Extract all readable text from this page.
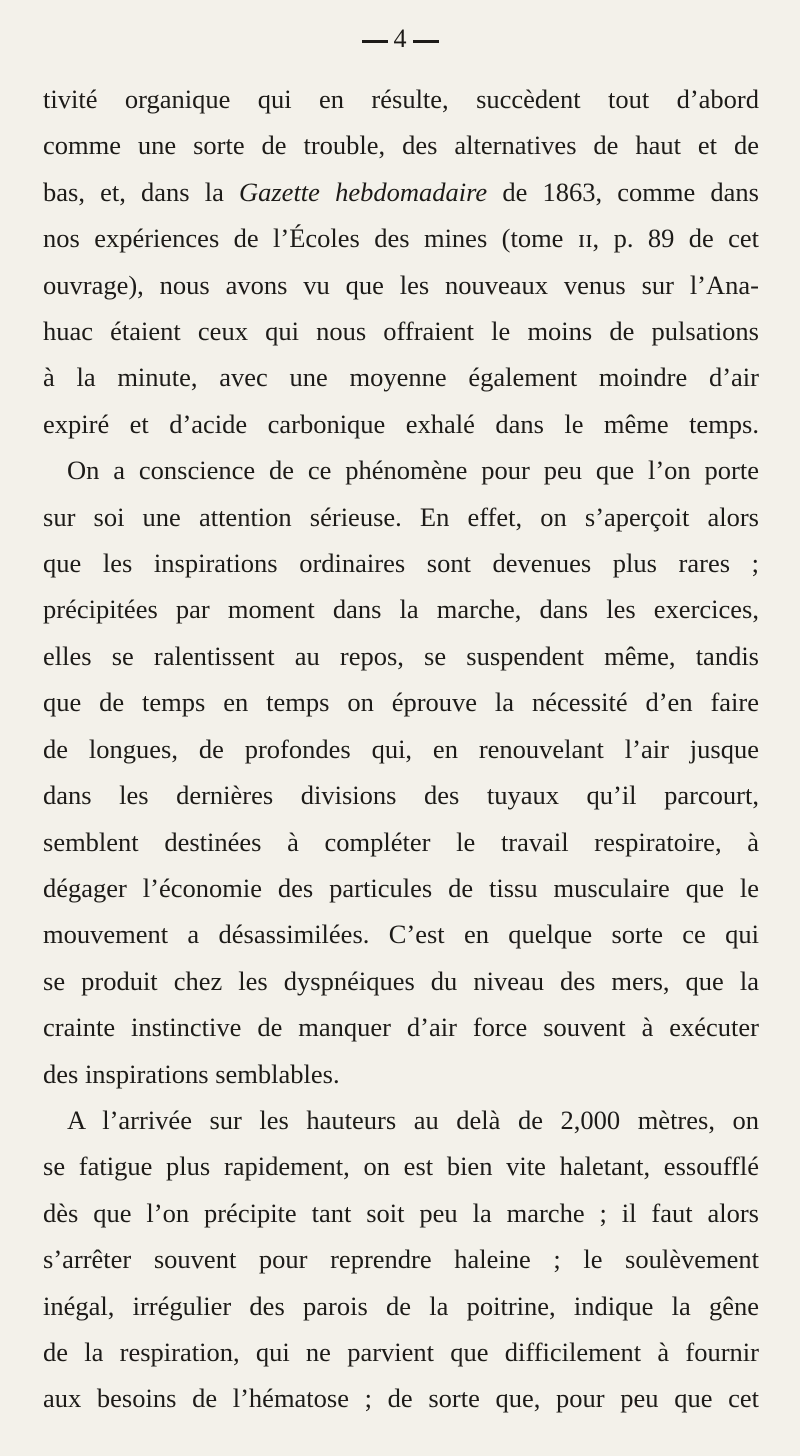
4
tivité organique qui en résulte, succèdent tout d’abord
comme une sorte de trouble, des alternatives de haut et de
bas, et, dans la Gazette hebdomadaire de 1863, comme dans
nos expériences de l’Écoles des mines (tome ɪɪ, p. 89 de cet
ouvrage), nous avons vu que les nouveaux venus sur l’Ana-
huac étaient ceux qui nous offraient le moins de pulsations
à la minute, avec une moyenne également moindre d’air
expiré et d’acide carbonique exhalé dans le même temps.
On a conscience de ce phénomène pour peu que l’on porte
sur soi une attention sérieuse. En effet, on s’aperçoit alors
que les inspirations ordinaires sont devenues plus rares ;
précipitées par moment dans la marche, dans les exercices,
elles se ralentissent au repos, se suspendent même, tandis
que de temps en temps on éprouve la nécessité d’en faire
de longues, de profondes qui, en renouvelant l’air jusque
dans les dernières divisions des tuyaux qu’il parcourt,
semblent destinées à compléter le travail respiratoire, à
dégager l’économie des particules de tissu musculaire que le
mouvement a désassimilées. C’est en quelque sorte ce qui
se produit chez les dyspnéiques du niveau des mers, que la
crainte instinctive de manquer d’air force souvent à exécuter
des inspirations semblables.
A l’arrivée sur les hauteurs au delà de 2,000 mètres, on
se fatigue plus rapidement, on est bien vite haletant, essoufflé
dès que l’on précipite tant soit peu la marche ; il faut alors
s’arrêter souvent pour reprendre haleine ; le soulèvement
inégal, irrégulier des parois de la poitrine, indique la gêne
de la respiration, qui ne parvient que difficilement à fournir
aux besoins de l’hématose ; de sorte que, pour peu que cet
